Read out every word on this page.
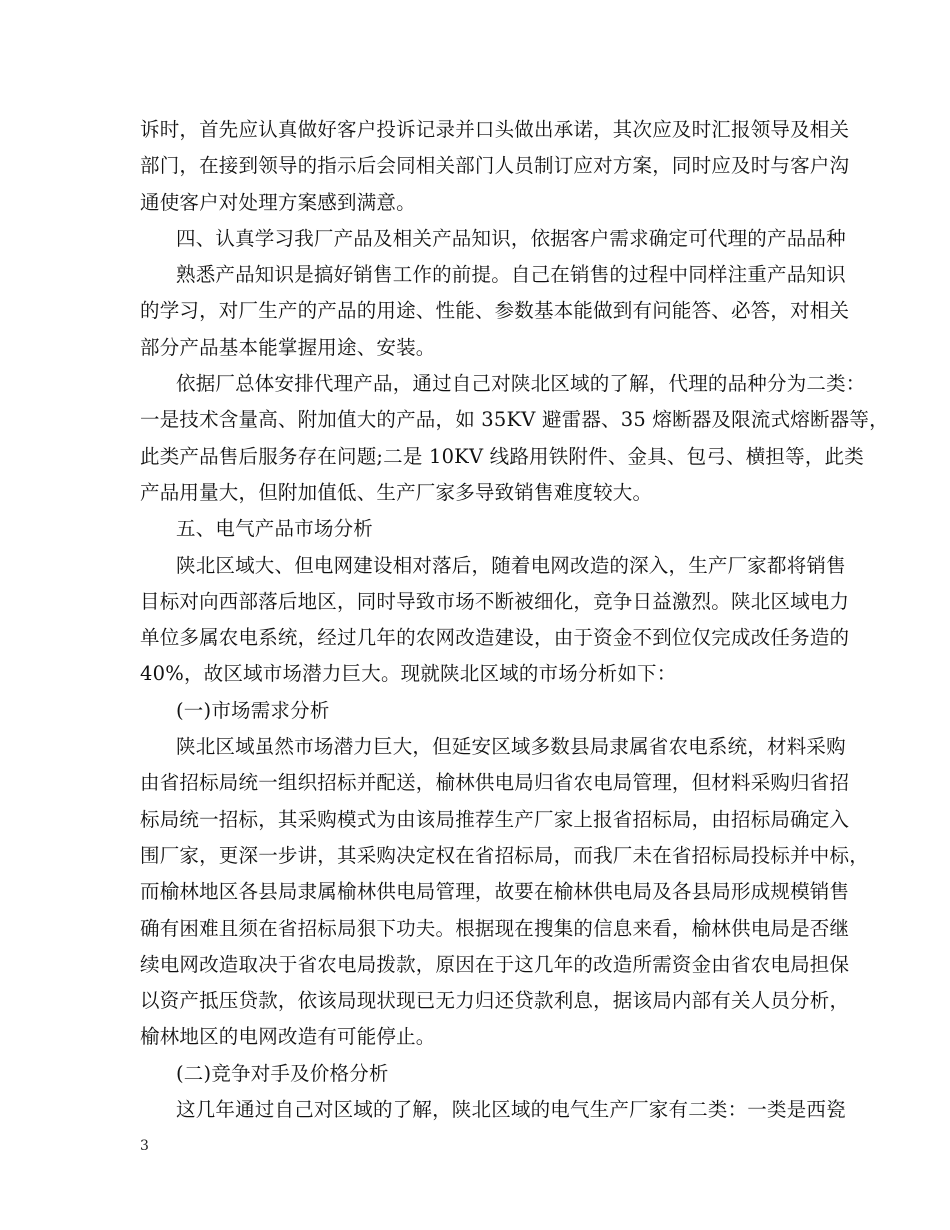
诉时，首先应认真做好客户投诉记录并口头做出承诺，其次应及时汇报领导及相关
部门，在接到领导的指示后会同相关部门人员制订应对方案，同时应及时与客户沟
通使客户对处理方案感到满意。
四、认真学习我厂产品及相关产品知识，依据客户需求确定可代理的产品品种
熟悉产品知识是搞好销售工作的前提。自己在销售的过程中同样注重产品知识
的学习，对厂生产的产品的用途、性能、参数基本能做到有问能答、必答，对相关
部分产品基本能掌握用途、安装。
依据厂总体安排代理产品，通过自己对陕北区域的了解，代理的品种分为二类：
一是技术含量高、附加值大的产品，如 35KV 避雷器、35 熔断器及限流式熔断器等，
此类产品售后服务存在问题;二是 10KV 线路用铁附件、金具、包弓、横担等，此类
产品用量大，但附加值低、生产厂家多导致销售难度较大。
五、电气产品市场分析
陕北区域大、但电网建设相对落后，随着电网改造的深入，生产厂家都将销售
目标对向西部落后地区，同时导致市场不断被细化，竞争日益激烈。陕北区域电力
单位多属农电系统，经过几年的农网改造建设，由于资金不到位仅完成改任务造的
40%，故区域市场潜力巨大。现就陕北区域的市场分析如下：
(一)市场需求分析
陕北区域虽然市场潜力巨大，但延安区域多数县局隶属省农电系统，材料采购
由省招标局统一组织招标并配送，榆林供电局归省农电局管理，但材料采购归省招
标局统一招标，其采购模式为由该局推荐生产厂家上报省招标局，由招标局确定入
围厂家，更深一步讲，其采购决定权在省招标局，而我厂未在省招标局投标并中标，
而榆林地区各县局隶属榆林供电局管理，故要在榆林供电局及各县局形成规模销售
确有困难且须在省招标局狠下功夫。根据现在搜集的信息来看，榆林供电局是否继
续电网改造取决于省农电局拨款，原因在于这几年的改造所需资金由省农电局担保
以资产抵压贷款，依该局现状现已无力归还贷款利息，据该局内部有关人员分析，
榆林地区的电网改造有可能停止。
(二)竞争对手及价格分析
这几年通过自己对区域的了解，陕北区域的电气生产厂家有二类：一类是西瓷
3
